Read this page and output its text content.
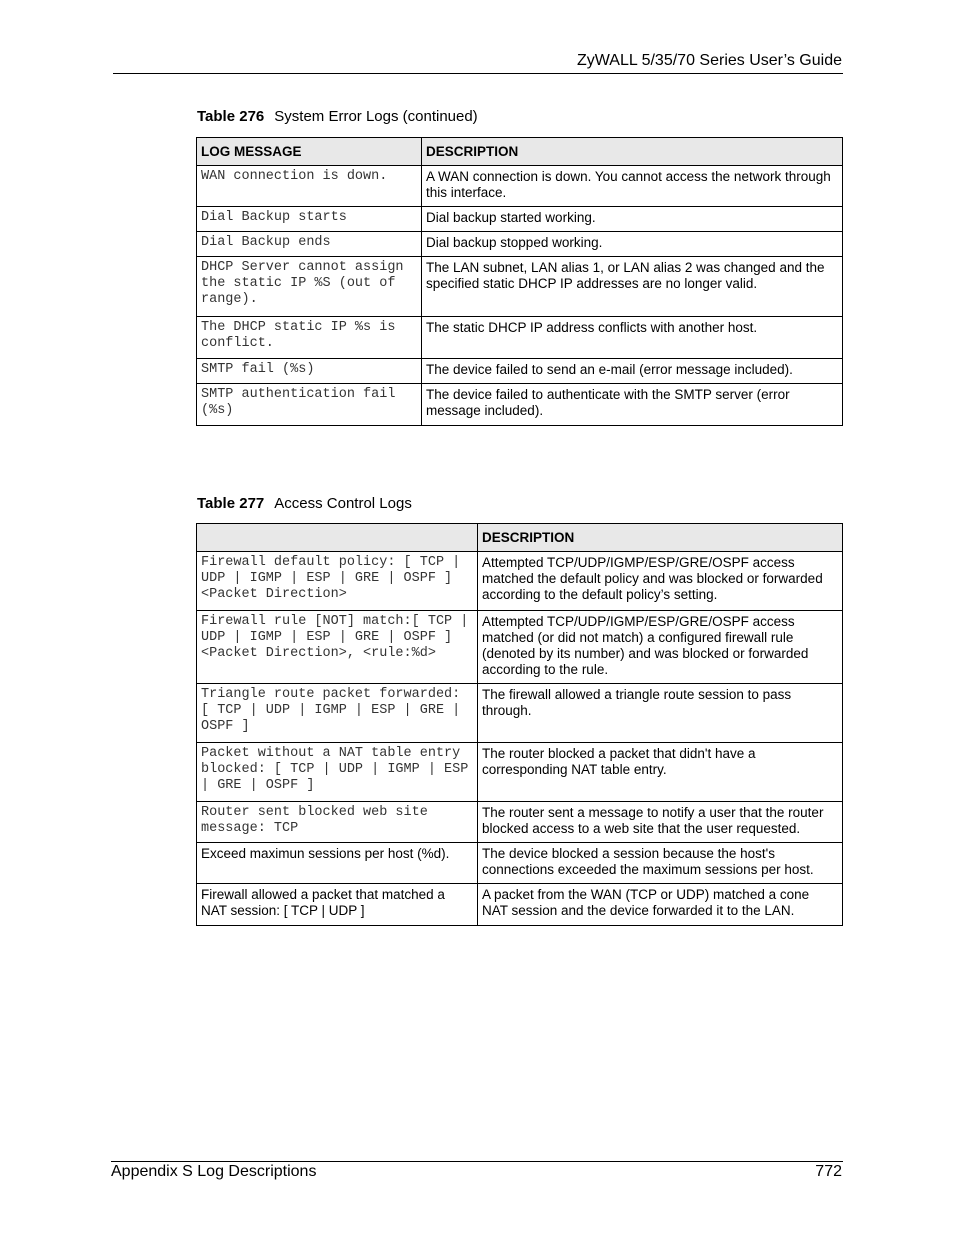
ZyWALL 5/35/70 Series User’s Guide
Table 276 System Error Logs (continued)
LOG MESSAGE	DESCRIPTION
WAN connection is down.	A WAN connection is down. You cannot access the network through this interface.
Dial Backup starts	Dial backup started working.
Dial Backup ends	Dial backup stopped working.
DHCP Server cannot assign the static IP %S (out of range).	The LAN subnet, LAN alias 1, or LAN alias 2 was changed and the specified static DHCP IP addresses are no longer valid.
The DHCP static IP %s is conflict.	The static DHCP IP address conflicts with another host.
SMTP fail (%s)	The device failed to send an e-mail (error message included).
SMTP authentication fail (%s)	The device failed to authenticate with the SMTP server (error message included).
Table 277 Access Control Logs
	DESCRIPTION
Firewall default policy: [ TCP | UDP | IGMP | ESP | GRE | OSPF ] <Packet Direction>	Attempted TCP/UDP/IGMP/ESP/GRE/OSPF access matched the default policy and was blocked or forwarded according to the default policy’s setting.
Firewall rule [NOT] match:[ TCP | UDP | IGMP | ESP | GRE | OSPF ] <Packet Direction>, <rule:%d>	Attempted TCP/UDP/IGMP/ESP/GRE/OSPF access matched (or did not match) a configured firewall rule (denoted by its number) and was blocked or forwarded according to the rule.
Triangle route packet forwarded: [ TCP | UDP | IGMP | ESP | GRE | OSPF ]	The firewall allowed a triangle route session to pass through.
Packet without a NAT table entry blocked: [ TCP | UDP | IGMP | ESP | GRE | OSPF ]	The router blocked a packet that didn't have a corresponding NAT table entry.
Router sent blocked web site message: TCP	The router sent a message to notify a user that the router blocked access to a web site that the user requested.
Exceed maximun sessions per host (%d).	The device blocked a session because the host's connections exceeded the maximum sessions per host.
Firewall allowed a packet that matched a NAT session: [ TCP | UDP ]	A packet from the WAN (TCP or UDP) matched a cone NAT session and the device forwarded it to the LAN.
Appendix S Log Descriptions	772
